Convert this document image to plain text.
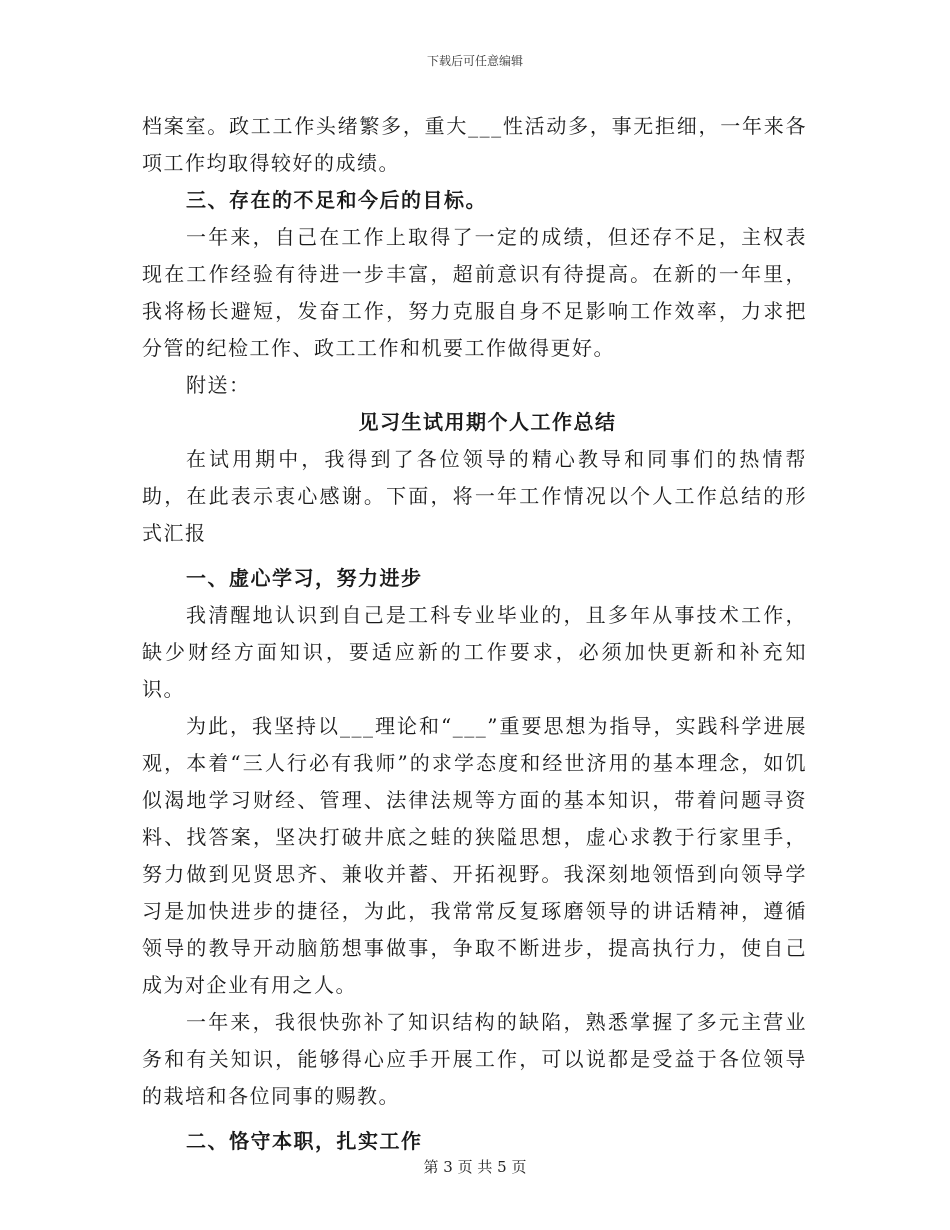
下载后可任意编辑

档案室。政工工作头绪繁多，重大___性活动多，事无拒细，一年来各项工作均取得较好的成绩。

三、存在的不足和今后的目标。

一年来，自己在工作上取得了一定的成绩，但还存不足，主权表现在工作经验有待进一步丰富，超前意识有待提高。在新的一年里，我将杨长避短，发奋工作，努力克服自身不足影响工作效率，力求把分管的纪检工作、政工工作和机要工作做得更好。

附送：

见习生试用期个人工作总结

在试用期中，我得到了各位领导的精心教导和同事们的热情帮助，在此表示衷心感谢。下面，将一年工作情况以个人工作总结的形式汇报

一、虚心学习，努力进步

我清醒地认识到自己是工科专业毕业的，且多年从事技术工作，缺少财经方面知识，要适应新的工作要求，必须加快更新和补充知识。

为此，我坚持以___理论和“___”重要思想为指导，实践科学进展观，本着“三人行必有我师”的求学态度和经世济用的基本理念，如饥似渴地学习财经、管理、法律法规等方面的基本知识，带着问题寻资料、找答案，坚决打破井底之蛙的狭隘思想，虚心求教于行家里手，努力做到见贤思齐、兼收并蓄、开拓视野。我深刻地领悟到向领导学习是加快进步的捷径，为此，我常常反复琢磨领导的讲话精神，遵循领导的教导开动脑筋想事做事，争取不断进步，提高执行力，使自己成为对企业有用之人。

一年来，我很快弥补了知识结构的缺陷，熟悉掌握了多元主营业务和有关知识，能够得心应手开展工作，可以说都是受益于各位领导的栽培和各位同事的赐教。

二、恪守本职，扎实工作

第 3 页 共 5 页
